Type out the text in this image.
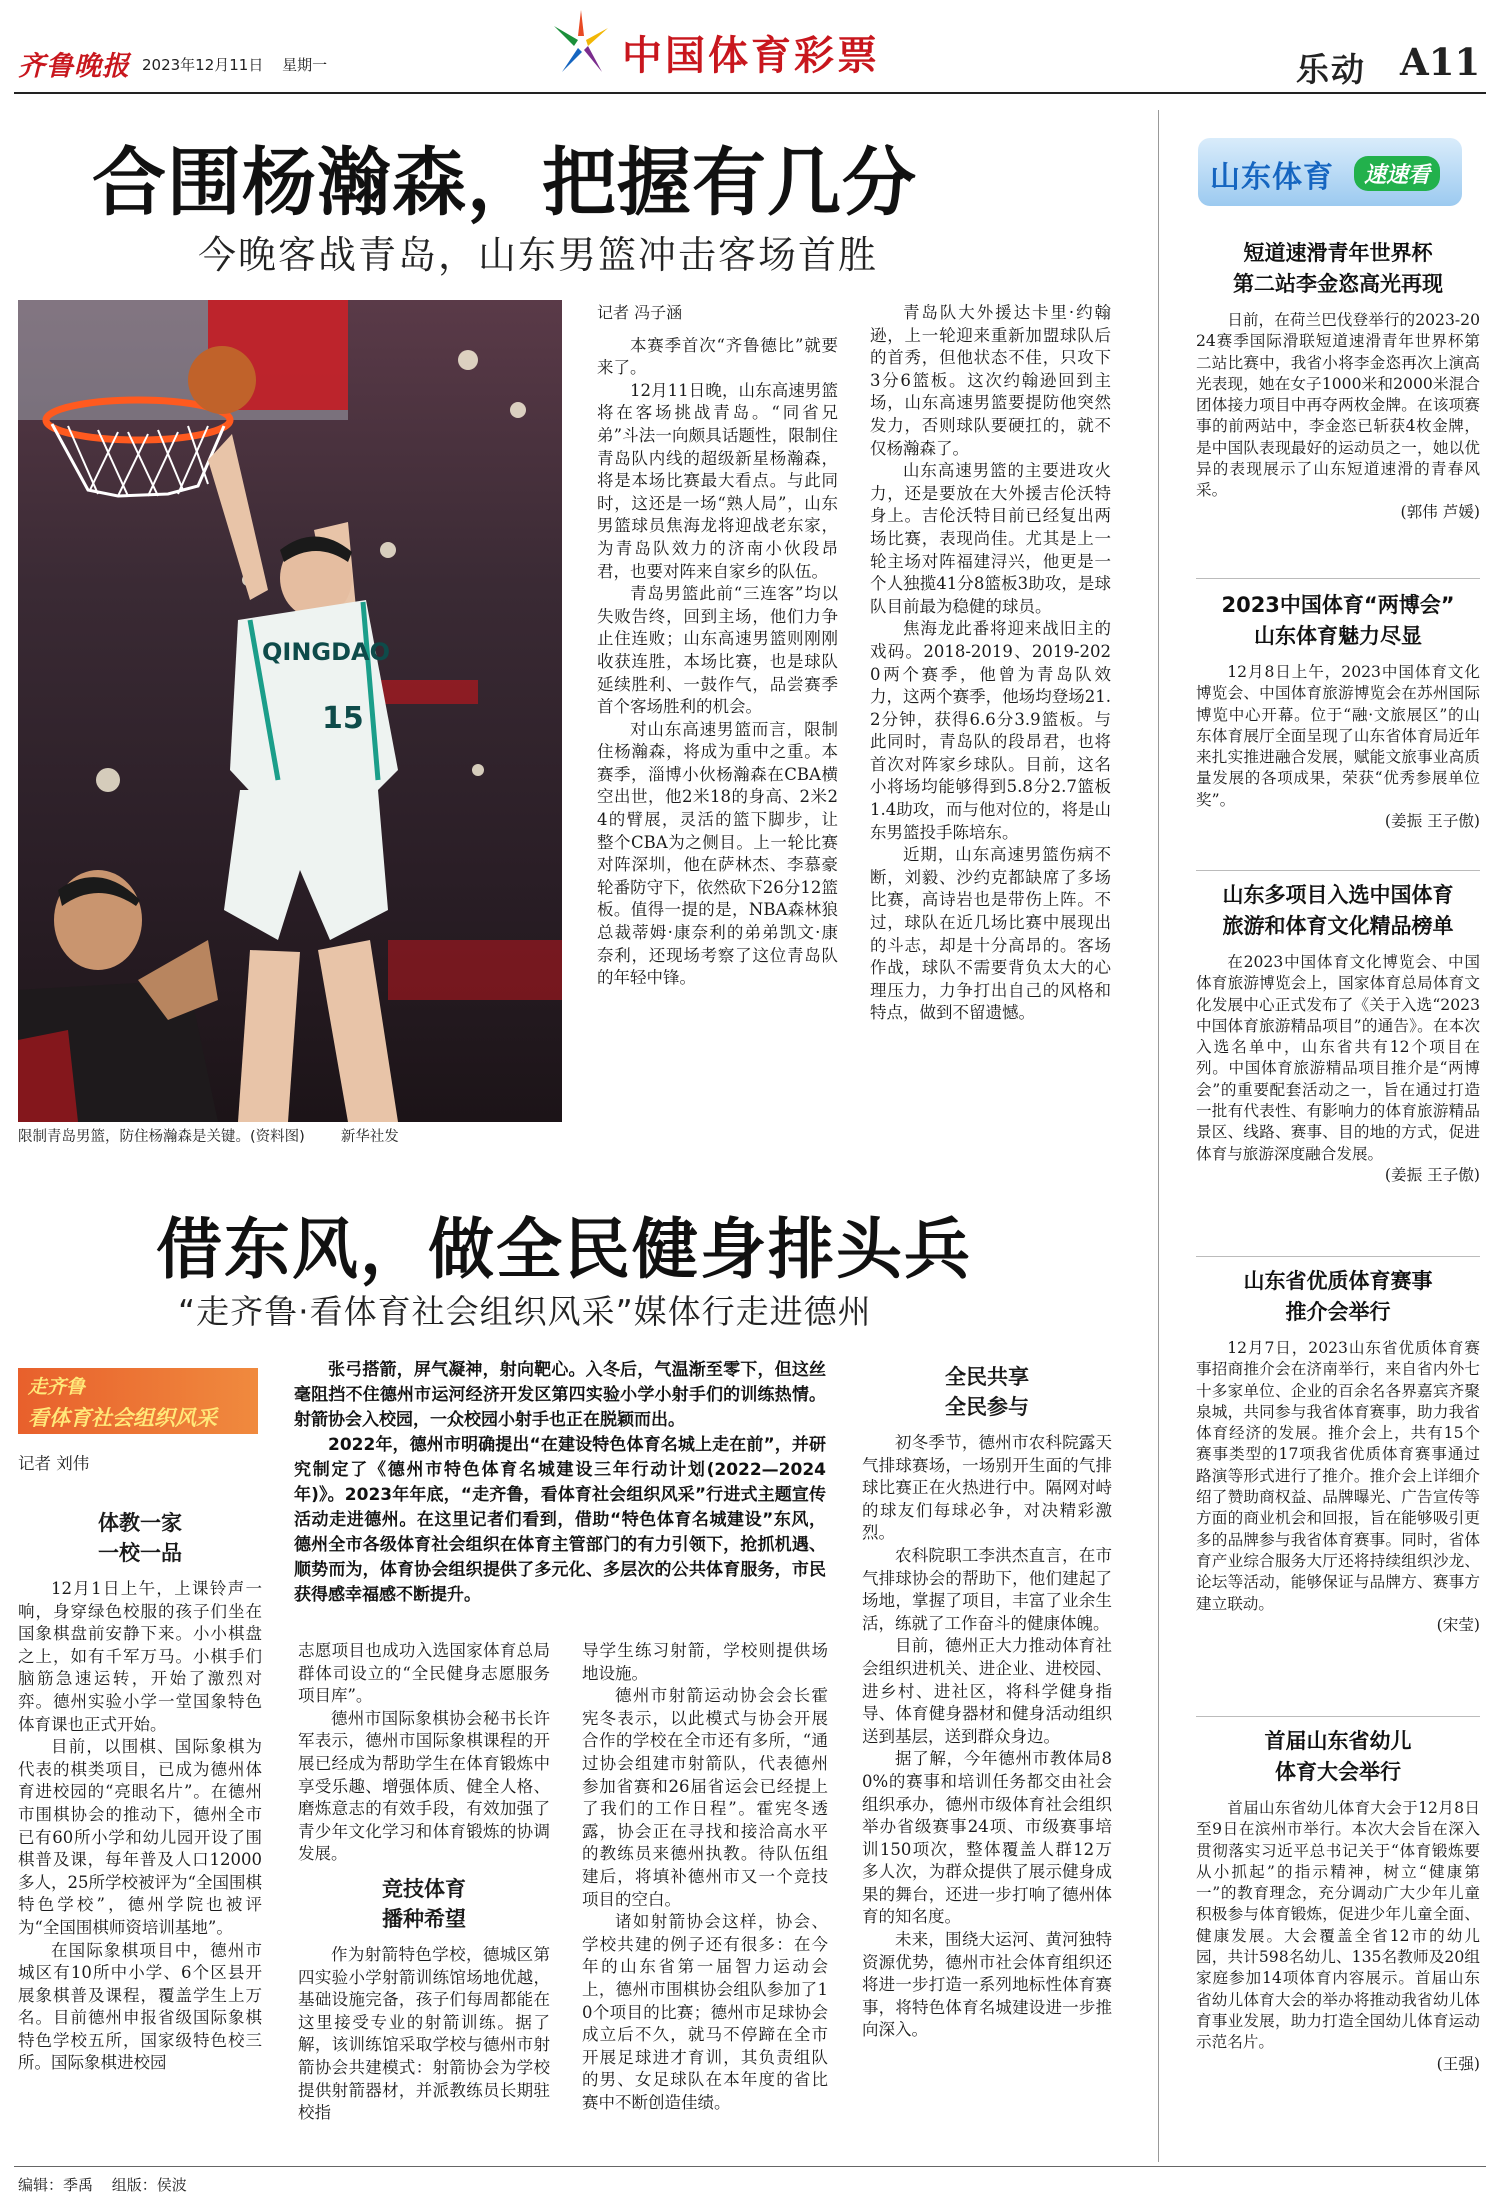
齐鲁晚报 2023年12月11日 星期一	中国体育彩票	乐动 A11
合围杨瀚森，把握有几分
今晚客战青岛，山东男篮冲击客场首胜
QINGDAO
15
限制青岛男篮，防住杨瀚森是关键。(资料图) 新华社发

记者 冯子涵

本赛季首次“齐鲁德比”就要来了。

12月11日晚，山东高速男篮将在客场挑战青岛。“同省兄弟”斗法一向颇具话题性，限制住青岛队内线的超级新星杨瀚森，将是本场比赛最大看点。与此同时，这还是一场“熟人局”，山东男篮球员焦海龙将迎战老东家，为青岛队效力的济南小伙段昂君，也要对阵来自家乡的队伍。

青岛男篮此前“三连客”均以失败告终，回到主场，他们力争止住连败；山东高速男篮则刚刚收获连胜，本场比赛，也是球队延续胜利、一鼓作气，品尝赛季首个客场胜利的机会。

对山东高速男篮而言，限制住杨瀚森，将成为重中之重。本赛季，淄博小伙杨瀚森在CBA横空出世，他2米18的身高、2米24的臂展，灵活的篮下脚步，让整个CBA为之侧目。上一轮比赛对阵深圳，他在萨林杰、李慕豪轮番防守下，依然砍下26分12篮板。值得一提的是，NBA森林狼总裁蒂姆·康奈利的弟弟凯文·康奈利，还现场考察了这位青岛队的年轻中锋。

青岛队大外援达卡里·约翰逊，上一轮迎来重新加盟球队后的首秀，但他状态不佳，只攻下3分6篮板。这次约翰逊回到主场，山东高速男篮要提防他突然发力，否则球队要硬扛的，就不仅杨瀚森了。

山东高速男篮的主要进攻火力，还是要放在大外援吉伦沃特身上。吉伦沃特目前已经复出两场比赛，表现尚佳。尤其是上一轮主场对阵福建浔兴，他更是一个人独揽41分8篮板3助攻，是球队目前最为稳健的球员。

焦海龙此番将迎来战旧主的戏码。2018-2019、2019-2020两个赛季，他曾为青岛队效力，这两个赛季，他场均登场21.2分钟，获得6.6分3.9篮板。与此同时，青岛队的段昂君，也将首次对阵家乡球队。目前，这名小将场均能够得到5.8分2.7篮板1.4助攻，而与他对位的，将是山东男篮投手陈培东。

近期，山东高速男篮伤病不断，刘毅、沙约克都缺席了多场比赛，高诗岩也是带伤上阵。不过，球队在近几场比赛中展现出的斗志，却是十分高昂的。客场作战，球队不需要背负太大的心理压力，力争打出自己的风格和特点，做到不留遗憾。

借东风，做全民健身排头兵
“走齐鲁·看体育社会组织风采”媒体行走进德州
走齐鲁
看体育社会组织风采
记者 刘伟

张弓搭箭，屏气凝神，射向靶心。入冬后，气温渐至零下，但这丝毫阻挡不住德州市运河经济开发区第四实验小学小射手们的训练热情。射箭协会入校园，一众校园小射手也正在脱颖而出。

2022年，德州市明确提出“在建设特色体育名城上走在前”，并研究制定了《德州市特色体育名城建设三年行动计划(2022—2024年)》。2023年年底，“走齐鲁，看体育社会组织风采”行进式主题宣传活动走进德州。在这里记者们看到，借助“特色体育名城建设”东风，德州全市各级体育社会组织在体育主管部门的有力引领下，抢抓机遇、顺势而为，体育协会组织提供了多元化、多层次的公共体育服务，市民获得感幸福感不断提升。

体教一家
一校一品

12月1日上午，上课铃声一响，身穿绿色校服的孩子们坐在国象棋盘前安静下来。小小棋盘之上，如有千军万马。小棋手们脑筋急速运转，开始了激烈对弈。德州实验小学一堂国象特色体育课也正式开始。

目前，以围棋、国际象棋为代表的棋类项目，已成为德州体育进校园的“亮眼名片”。在德州市围棋协会的推动下，德州全市已有60所小学和幼儿园开设了围棋普及课，每年普及人口12000多人，25所学校被评为“全国围棋特色学校”，德州学院也被评为“全国围棋师资培训基地”。

在国际象棋项目中，德州市城区有10所中小学、6个区县开展象棋普及课程，覆盖学生上万名。目前德州申报省级国际象棋特色学校五所，国家级特色校三所。国际象棋进校园

志愿项目也成功入选国家体育总局群体司设立的“全民健身志愿服务项目库”。

德州市国际象棋协会秘书长许军表示，德州市国际象棋课程的开展已经成为帮助学生在体育锻炼中享受乐趣、增强体质、健全人格、磨炼意志的有效手段，有效加强了青少年文化学习和体育锻炼的协调发展。

竞技体育
播种希望

作为射箭特色学校，德城区第四实验小学射箭训练馆场地优越，基础设施完备，孩子们每周都能在这里接受专业的射箭训练。据了解，该训练馆采取学校与德州市射箭协会共建模式：射箭协会为学校提供射箭器材，并派教练员长期驻校指

导学生练习射箭，学校则提供场地设施。

德州市射箭运动协会会长霍宪冬表示，以此模式与协会开展合作的学校在全市还有多所，“通过协会组建市射箭队，代表德州参加省赛和26届省运会已经提上了我们的工作日程”。霍宪冬透露，协会正在寻找和接洽高水平的教练员来德州执教。待队伍组建后，将填补德州市又一个竞技项目的空白。

诸如射箭协会这样，协会、学校共建的例子还有很多：在今年的山东省第一届智力运动会上，德州市围棋协会组队参加了10个项目的比赛；德州市足球协会成立后不久，就马不停蹄在全市开展足球进才育训，其负责组队的男、女足球队在本年度的省比赛中不断创造佳绩。

全民共享
全民参与

初冬季节，德州市农科院露天气排球赛场，一场别开生面的气排球比赛正在火热进行中。隔网对峙的球友们每球必争，对决精彩激烈。

农科院职工李洪杰直言，在市气排球协会的帮助下，他们建起了场地，掌握了项目，丰富了业余生活，练就了工作奋斗的健康体魄。

目前，德州正大力推动体育社会组织进机关、进企业、进校园、进乡村、进社区，将科学健身指导、体育健身器材和健身活动组织送到基层，送到群众身边。

据了解，今年德州市教体局80%的赛事和培训任务都交由社会组织承办，德州市级体育社会组织举办省级赛事24项、市级赛事培训150项次，整体覆盖人群12万多人次，为群众提供了展示健身成果的舞台，还进一步打响了德州体育的知名度。

未来，围绕大运河、黄河独特资源优势，德州市社会体育组织还将进一步打造一系列地标性体育赛事，将特色体育名城建设进一步推向深入。

山东体育	速速看
短道速滑青年世界杯
第二站李金恣高光再现

日前，在荷兰巴伐登举行的2023-2024赛季国际滑联短道速滑青年世界杯第二站比赛中，我省小将李金恣再次上演高光表现，她在女子1000米和2000米混合团体接力项目中再夺两枚金牌。在该项赛事的前两站中，李金恣已斩获4枚金牌，是中国队表现最好的运动员之一，她以优异的表现展示了山东短道速滑的青春风采。

(郭伟 芦媛)

2023中国体育“两博会”
山东体育魅力尽显

12月8日上午，2023中国体育文化博览会、中国体育旅游博览会在苏州国际博览中心开幕。位于“融·文旅展区”的山东体育展厅全面呈现了山东省体育局近年来扎实推进融合发展，赋能文旅事业高质量发展的各项成果，荣获“优秀参展单位奖”。

(姜振 王子傲)

山东多项目入选中国体育
旅游和体育文化精品榜单

在2023中国体育文化博览会、中国体育旅游博览会上，国家体育总局体育文化发展中心正式发布了《关于入选“2023中国体育旅游精品项目”的通告》。在本次入选名单中，山东省共有12个项目在列。中国体育旅游精品项目推介是“两博会”的重要配套活动之一，旨在通过打造一批有代表性、有影响力的体育旅游精品景区、线路、赛事、目的地的方式，促进体育与旅游深度融合发展。

(姜振 王子傲)

山东省优质体育赛事
推介会举行

12月7日，2023山东省优质体育赛事招商推介会在济南举行，来自省内外七十多家单位、企业的百余名各界嘉宾齐聚泉城，共同参与我省体育赛事，助力我省体育经济的发展。推介会上，共有15个赛事类型的17项我省优质体育赛事通过路演等形式进行了推介。推介会上详细介绍了赞助商权益、品牌曝光、广告宣传等方面的商业机会和回报，旨在能够吸引更多的品牌参与我省体育赛事。同时，省体育产业综合服务大厅还将持续组织沙龙、论坛等活动，能够保证与品牌方、赛事方建立联动。

(宋莹)

首届山东省幼儿
体育大会举行

首届山东省幼儿体育大会于12月8日至9日在滨州市举行。本次大会旨在深入贯彻落实习近平总书记关于“体育锻炼要从小抓起”的指示精神，树立“健康第一”的教育理念，充分调动广大少年儿童积极参与体育锻炼，促进少年儿童全面、健康发展。大会覆盖全省12市的幼儿园，共计598名幼儿、135名教师及20组家庭参加14项体育内容展示。首届山东省幼儿体育大会的举办将推动我省幼儿体育事业发展，助力打造全国幼儿体育运动示范名片。

(王强)

编辑：季禹 组版：侯波
